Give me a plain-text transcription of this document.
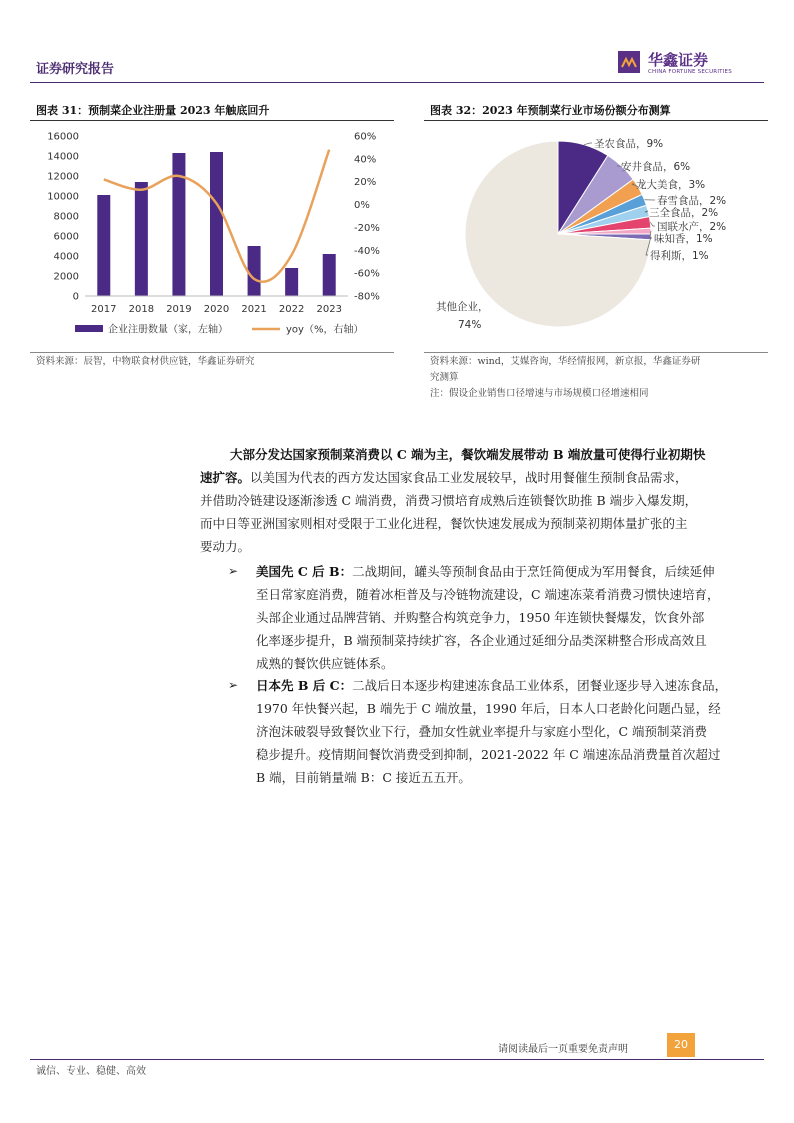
证券研究报告
华鑫证券
CHINA FORTUNE SECURITIES
图表 31：预制菜企业注册量 2023 年触底回升	图表 32：2023 年预制菜行业市场份额分布测算
0
2000
4000
6000
8000
10000
12000
14000
16000
-80%
-60%
-40%
-20%
0%
20%
40%
60%
2017 2018 2019 2020 2021 2022 2023
企业注册数量（家，左轴）	yoy（%，右轴）
圣农食品，9%
安井食品，6%
龙大美食，3%
春雪食品，2%
三全食品，2%
国联水产，2%
味知香，1%
得利斯，1%
其他企业，
74%
资料来源：辰智，中物联食材供应链，华鑫证券研究	资料来源：wind，艾媒咨询，华经情报网，新京报，华鑫证券研
究测算
注：假设企业销售口径增速与市场规模口径增速相同
大部分发达国家预制菜消费以 C 端为主，餐饮端发展带动 B 端放量可使得行业初期快
速扩容。以美国为代表的西方发达国家食品工业发展较早，战时用餐催生预制食品需求，
并借助冷链建设逐渐渗透 C 端消费，消费习惯培育成熟后连锁餐饮助推 B 端步入爆发期，
而中日等亚洲国家则相对受限于工业化进程，餐饮快速发展成为预制菜初期体量扩张的主
要动力。
➢ 美国先 C 后 B：二战期间，罐头等预制食品由于烹饪简便成为军用餐食，后续延伸
至日常家庭消费，随着冰柜普及与冷链物流建设，C 端速冻菜肴消费习惯快速培育，
头部企业通过品牌营销、并购整合构筑竞争力，1950 年连锁快餐爆发，饮食外部
化率逐步提升，B 端预制菜持续扩容，各企业通过延细分品类深耕整合形成高效且
成熟的餐饮供应链体系。
➢ 日本先 B 后 C：二战后日本逐步构建速冻食品工业体系，团餐业逐步导入速冻食品，
1970 年快餐兴起，B 端先于 C 端放量，1990 年后，日本人口老龄化问题凸显，经
济泡沫破裂导致餐饮业下行，叠加女性就业率提升与家庭小型化，C 端预制菜消费
稳步提升。疫情期间餐饮消费受到抑制，2021-2022 年 C 端速冻品消费量首次超过
B 端，目前销量端 B：C 接近五五开。
请阅读最后一页重要免责声明	20
诚信、专业、稳健、高效
